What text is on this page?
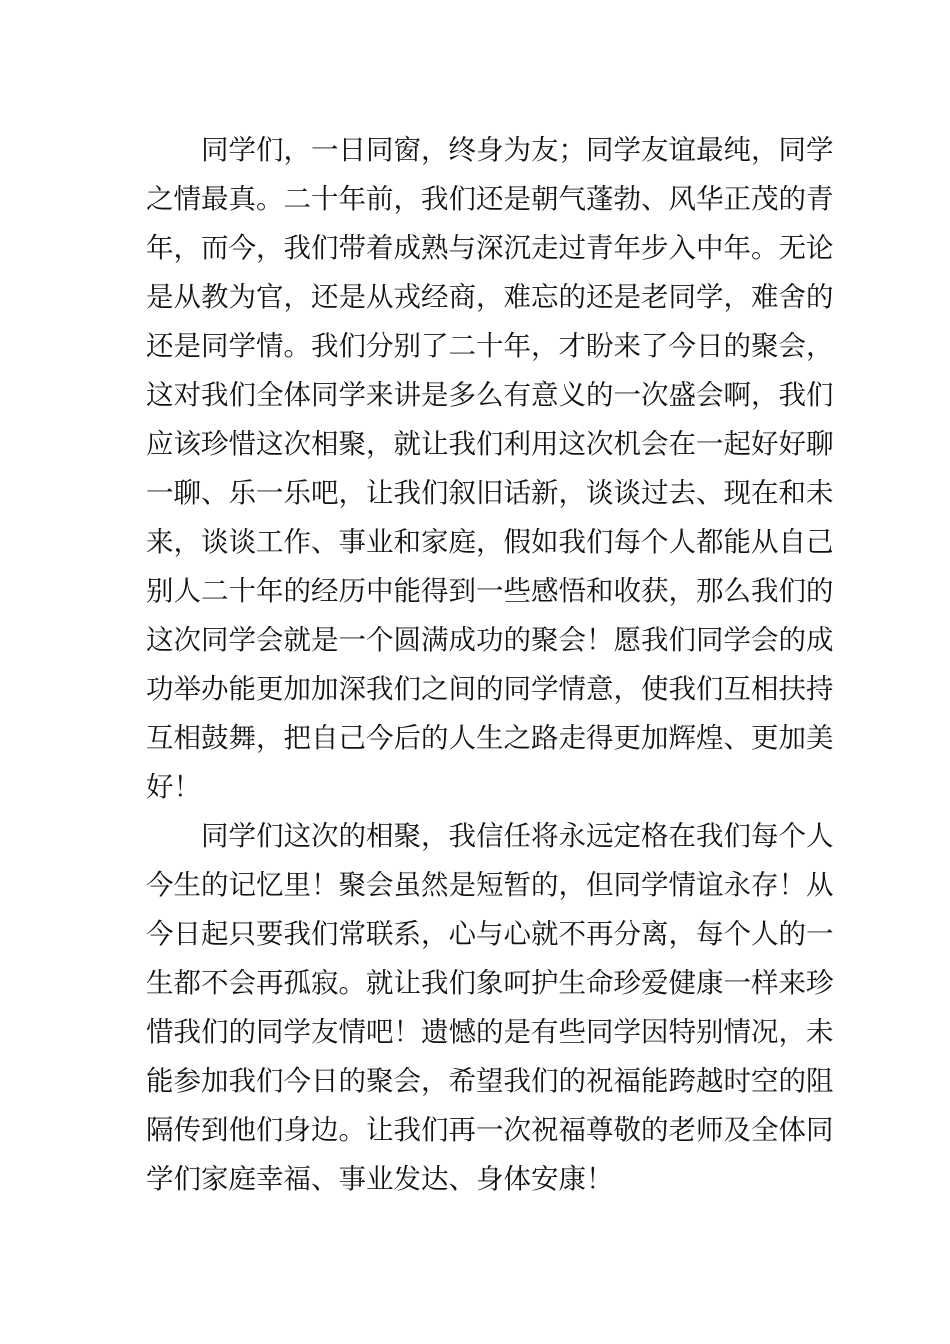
同学们，一日同窗，终身为友；同学友谊最纯，同学
之情最真。二十年前，我们还是朝气蓬勃、风华正茂的青
年，而今，我们带着成熟与深沉走过青年步入中年。无论
是从教为官，还是从戎经商，难忘的还是老同学，难舍的
还是同学情。我们分别了二十年，才盼来了今日的聚会，
这对我们全体同学来讲是多么有意义的一次盛会啊，我们
应该珍惜这次相聚，就让我们利用这次机会在一起好好聊
一聊、乐一乐吧，让我们叙旧话新，谈谈过去、现在和未
来，谈谈工作、事业和家庭，假如我们每个人都能从自己
别人二十年的经历中能得到一些感悟和收获，那么我们的
这次同学会就是一个圆满成功的聚会！愿我们同学会的成
功举办能更加加深我们之间的同学情意，使我们互相扶持
互相鼓舞，把自己今后的人生之路走得更加辉煌、更加美
好！
同学们这次的相聚，我信任将永远定格在我们每个人
今生的记忆里！聚会虽然是短暂的，但同学情谊永存！从
今日起只要我们常联系，心与心就不再分离，每个人的一
生都不会再孤寂。就让我们象呵护生命珍爱健康一样来珍
惜我们的同学友情吧！遗憾的是有些同学因特别情况，未
能参加我们今日的聚会，希望我们的祝福能跨越时空的阻
隔传到他们身边。让我们再一次祝福尊敬的老师及全体同
学们家庭幸福、事业发达、身体安康！
